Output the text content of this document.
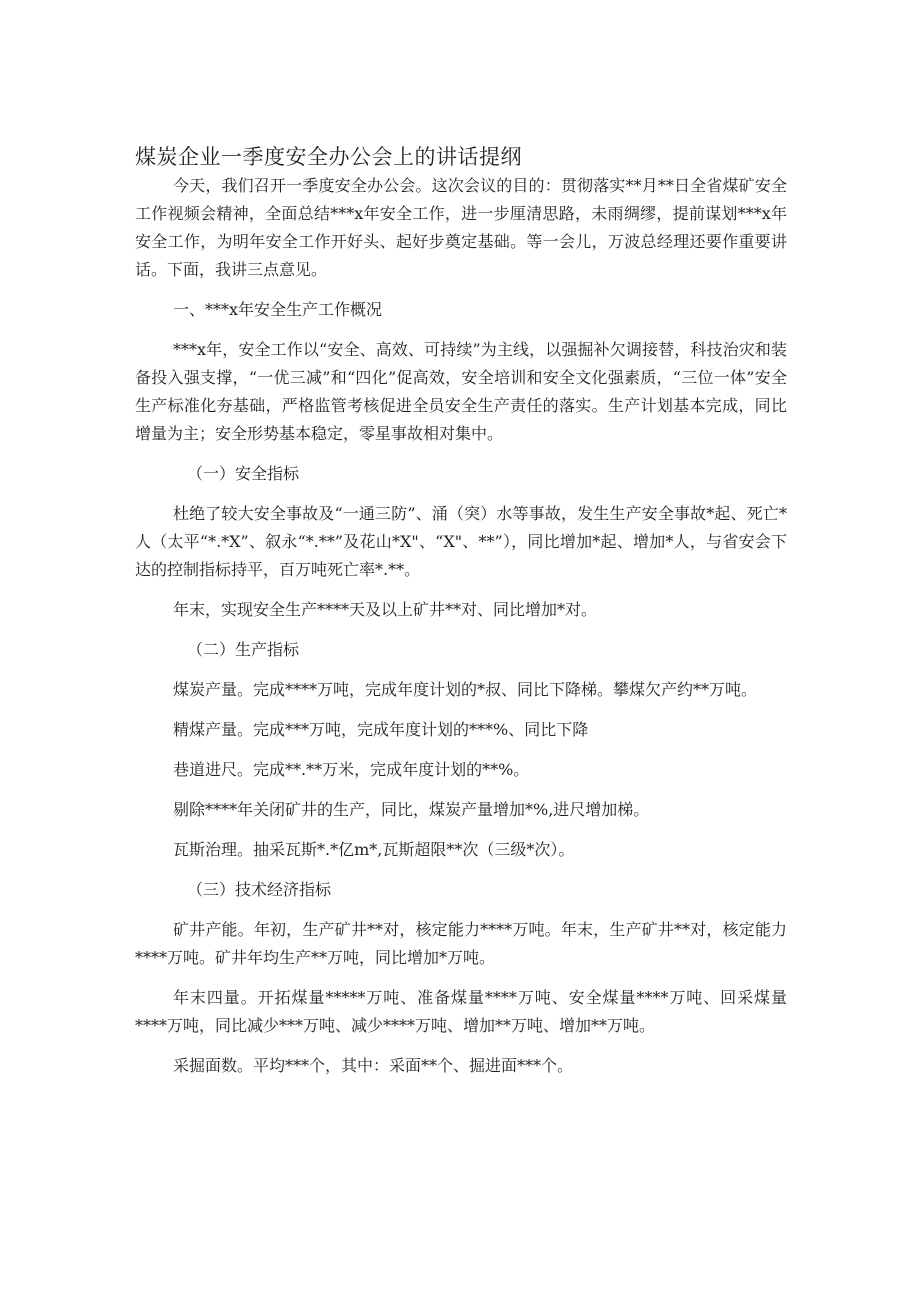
煤炭企业一季度安全办公会上的讲话提纲

今天，我们召开一季度安全办公会。这次会议的目的：贯彻落实**月**日全省煤矿安全工作视频会精神，全面总结***x年安全工作，进一步厘清思路，未雨绸缪，提前谋划***x年安全工作，为明年安全工作开好头、起好步奠定基础。等一会儿，万波总经理还要作重要讲话。下面，我讲三点意见。

一、***x年安全生产工作概况

***x年，安全工作以“安全、高效、可持续”为主线，以强掘补欠调接替，科技治灾和装备投入强支撑，“一优三减”和“四化”促高效，安全培训和安全文化强素质，“三位一体”安全生产标准化夯基础，严格监管考核促进全员安全生产责任的落实。生产计划基本完成，同比增量为主；安全形势基本稳定，零星事故相对集中。

（一）安全指标

杜绝了较大安全事故及“一通三防”、涌（突）水等事故，发生生产安全事故*起、死亡*人（太平“*.*X”、叙永“*.**”及花山*X"、“X"、**”），同比增加*起、增加*人，与省安会下达的控制指标持平，百万吨死亡率*.**。

年末，实现安全生产****天及以上矿井**对、同比增加*对。

（二）生产指标

煤炭产量。完成****万吨，完成年度计划的*叔、同比下降梯。攀煤欠产约**万吨。

精煤产量。完成***万吨，完成年度计划的***%、同比下降

巷道进尺。完成**.**万米，完成年度计划的**%。

剔除****年关闭矿井的生产，同比，煤炭产量增加*%,进尺增加梯。

瓦斯治理。抽采瓦斯*.*亿m*,瓦斯超限**次（三级*次）。

（三）技术经济指标

矿井产能。年初，生产矿井**对，核定能力****万吨。年末，生产矿井**对，核定能力****万吨。矿井年均生产**万吨，同比增加*万吨。

年末四量。开拓煤量*****万吨、准备煤量****万吨、安全煤量****万吨、回采煤量****万吨，同比减少***万吨、减少****万吨、增加**万吨、增加**万吨。

采掘面数。平均***个，其中：采面**个、掘进面***个。
